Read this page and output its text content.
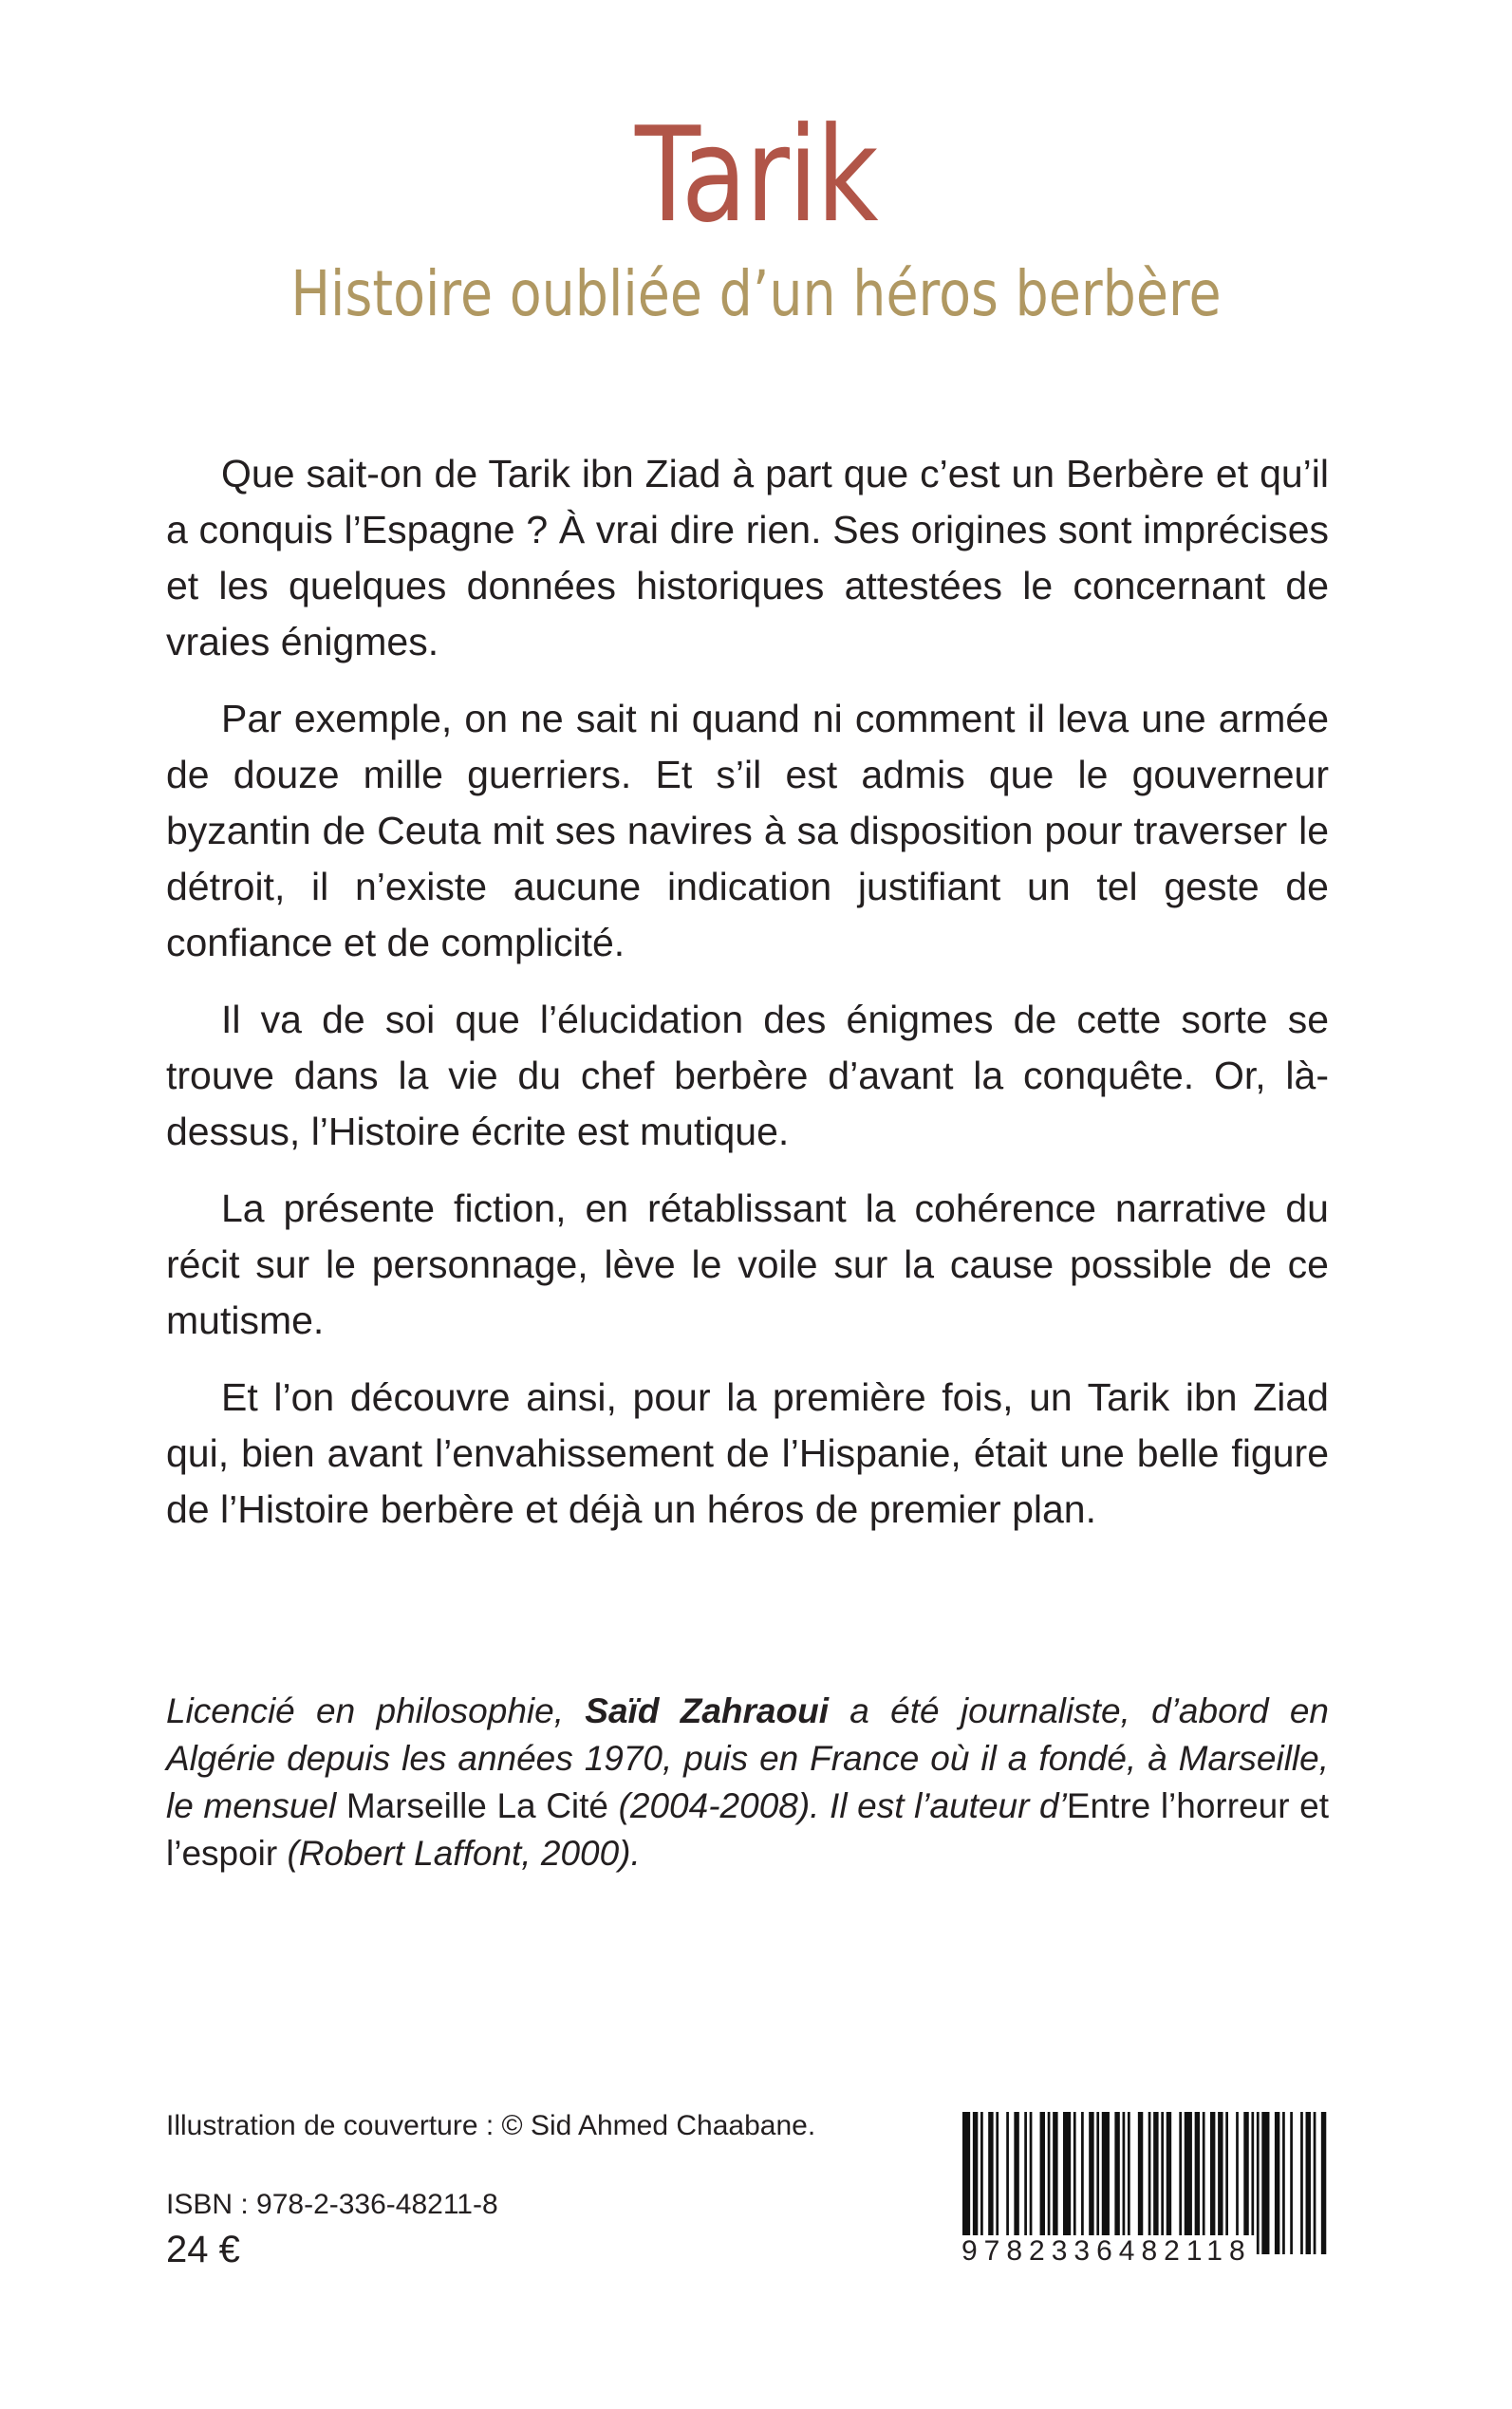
Tarik
Histoire oubliée d’un héros berbère

Que sait-on de Tarik ibn Ziad à part que c’est un Berbère et qu’il a conquis l’Espagne ? À vrai dire rien. Ses origines sont imprécises et les quelques données historiques attestées le concernant de vraies énigmes.

Par exemple, on ne sait ni quand ni comment il leva une armée de douze mille guerriers. Et s’il est admis que le gouverneur byzantin de Ceuta mit ses navires à sa disposition pour traverser le détroit, il n’existe aucune indication justifiant un tel geste de confiance et de complicité.

Il va de soi que l’élucidation des énigmes de cette sorte se trouve dans la vie du chef berbère d’avant la conquête. Or, là-dessus, l’Histoire écrite est mutique.

La présente fiction, en rétablissant la cohérence narrative du récit sur le personnage, lève le voile sur la cause possible de ce mutisme.

Et l’on découvre ainsi, pour la première fois, un Tarik ibn Ziad qui, bien avant l’envahissement de l’Hispanie, était une belle figure de l’Histoire berbère et déjà un héros de premier plan.

Licencié en philosophie, Saïd Zahraoui a été journaliste, d’abord en Algérie depuis les années 1970, puis en France où il a fondé, à Marseille, le mensuel Marseille La Cité (2004-2008). Il est l’auteur d’Entre l’horreur et l’espoir (Robert Laffont, 2000).
Illustration de couverture : © Sid Ahmed Chaabane.
ISBN : 978-2-336-48211-8
24 €	9782336482118
